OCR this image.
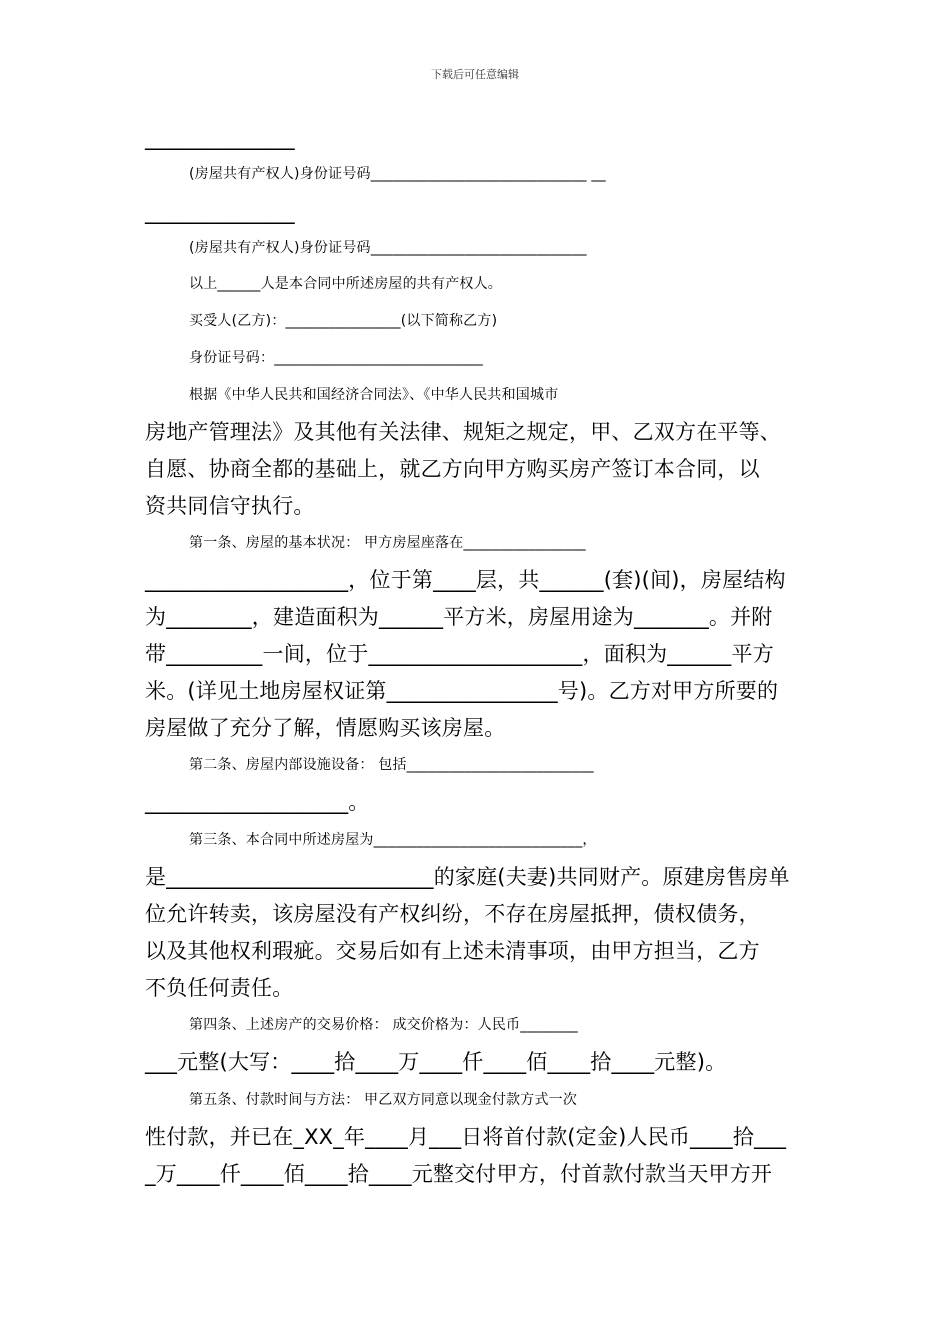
下载后可任意编辑
______________
(房屋共有产权人)身份证号码______________________________ __
______________
(房屋共有产权人)身份证号码______________________________
以上______人是本合同中所述房屋的共有产权人。
买受人(乙方)：________________(以下简称乙方)
身份证号码：_____________________________
根据《中华人民共和国经济合同法》、《中华人民共和国城市
房地产管理法》及其他有关法律、规矩之规定，甲、乙双方在平等、
自愿、协商全都的基础上，就乙方向甲方购买房产签订本合同，以
资共同信守执行。
第一条、房屋的基本状况： 甲方房屋座落在_________________
___________________，位于第____层，共______(套)(间)，房屋结构
为________，建造面积为______平方米，房屋用途为_______。并附
带_________一间，位于____________________，面积为______平方
米。(详见土地房屋权证第________________号)。乙方对甲方所要的
房屋做了充分了解，情愿购买该房屋。
第二条、房屋内部设施设备： 包括__________________________
___________________。
第三条、本合同中所述房屋为_____________________________，
是_________________________的家庭(夫妻)共同财产。原建房售房单
位允许转卖，该房屋没有产权纠纷，不存在房屋抵押，债权债务，
以及其他权利瑕疵。交易后如有上述未清事项，由甲方担当，乙方
不负任何责任。
第四条、上述房产的交易价格： 成交价格为：人民币________
___元整(大写：____拾____万____仟____佰____拾____元整)。
第五条、付款时间与方法： 甲乙双方同意以现金付款方式一次
性付款，并已在_XX_年____月___日将首付款(定金)人民币____拾___
_万____仟____佰____拾____元整交付甲方，付首款付款当天甲方开
